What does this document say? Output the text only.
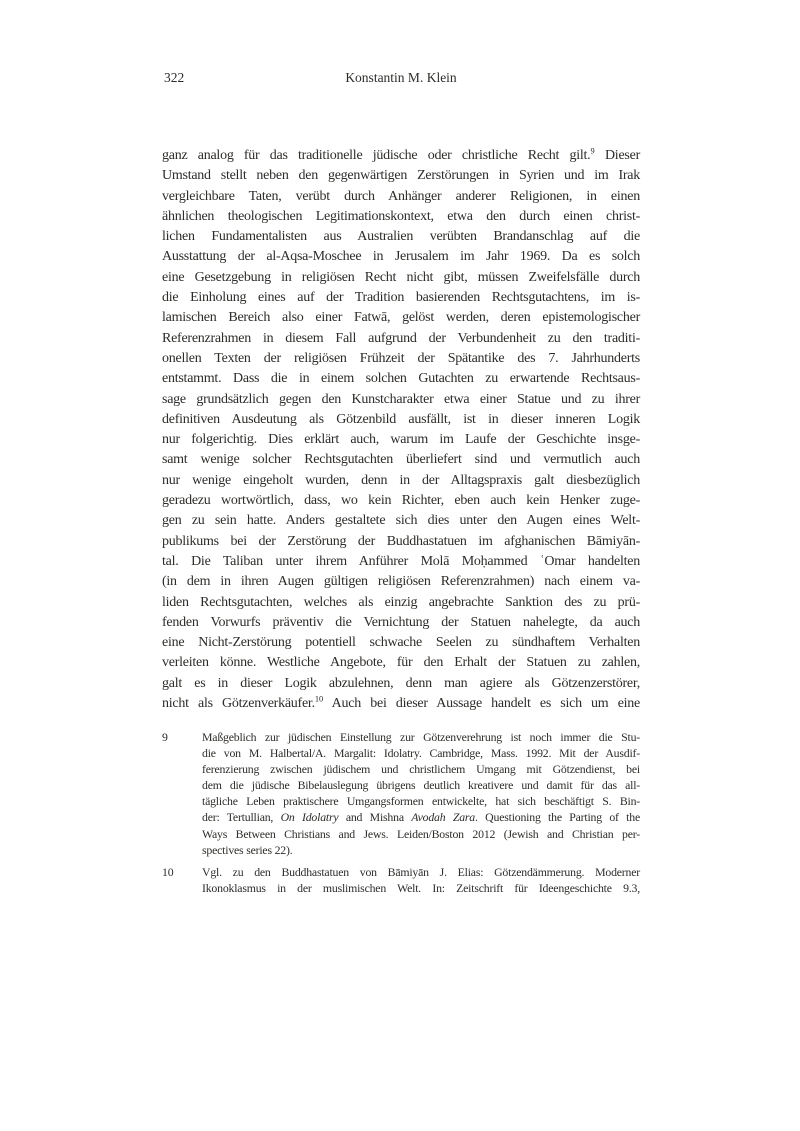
322	Konstantin M. Klein
ganz analog für das traditionelle jüdische oder christliche Recht gilt.$^9$ Dieser
Umstand stellt neben den gegenwärtigen Zerstörungen in Syrien und im Irak
vergleichbare Taten, verübt durch Anhänger anderer Religionen, in einen
ähnlichen theologischen Legitimationskontext, etwa den durch einen christ-
lichen Fundamentalisten aus Australien verübten Brandanschlag auf die
Ausstattung der al-Aqsa-Moschee in Jerusalem im Jahr 1969. Da es solch
eine Gesetzgebung in religiösen Recht nicht gibt, müssen Zweifelsfälle durch
die Einholung eines auf der Tradition basierenden Rechtsgutachtens, im is-
lamischen Bereich also einer Fatwā, gelöst werden, deren epistemologischer
Referenzrahmen in diesem Fall aufgrund der Verbundenheit zu den traditi-
onellen Texten der religiösen Frühzeit der Spätantike des 7. Jahrhunderts
entstammt. Dass die in einem solchen Gutachten zu erwartende Rechtsaus-
sage grundsätzlich gegen den Kunstcharakter etwa einer Statue und zu ihrer
definitiven Ausdeutung als Götzenbild ausfällt, ist in dieser inneren Logik
nur folgerichtig. Dies erklärt auch, warum im Laufe der Geschichte insge-
samt wenige solcher Rechtsgutachten überliefert sind und vermutlich auch
nur wenige eingeholt wurden, denn in der Alltagspraxis galt diesbezüglich
geradezu wortwörtlich, dass, wo kein Richter, eben auch kein Henker zuge-
gen zu sein hatte. Anders gestaltete sich dies unter den Augen eines Welt-
publikums bei der Zerstörung der Buddhastatuen im afghanischen Bāmiyān-
tal. Die Taliban unter ihrem Anführer Molā Moḥammed ʿOmar handelten
(in dem in ihren Augen gültigen religiösen Referenzrahmen) nach einem va-
liden Rechtsgutachten, welches als einzig angebrachte Sanktion des zu prü-
fenden Vorwurfs präventiv die Vernichtung der Statuen nahelegte, da auch
eine Nicht-Zerstörung potentiell schwache Seelen zu sündhaftem Verhalten
verleiten könne. Westliche Angebote, für den Erhalt der Statuen zu zahlen,
galt es in dieser Logik abzulehnen, denn man agiere als Götzenzerstörer,
nicht als Götzenverkäufer.$^{10}$ Auch bei dieser Aussage handelt es sich um eine
9	Maßgeblich zur jüdischen Einstellung zur Götzenverehrung ist noch immer die Stu-
die von M. Halbertal/A. Margalit: Idolatry. Cambridge, Mass. 1992. Mit der Ausdif-
ferenzierung zwischen jüdischem und christlichem Umgang mit Götzendienst, bei
dem die jüdische Bibelauslegung übrigens deutlich kreativere und damit für das all-
tägliche Leben praktischere Umgangsformen entwickelte, hat sich beschäftigt S. Bin-
der: Tertullian, On Idolatry and Mishna Avodah Zara. Questioning the Parting of the
Ways Between Christians and Jews. Leiden/Boston 2012 (Jewish and Christian per-
spectives series 22).
10	Vgl. zu den Buddhastatuen von Bāmiyān J. Elias: Götzendämmerung. Moderner
Ikonoklasmus in der muslimischen Welt. In: Zeitschrift für Ideengeschichte 9.3,
